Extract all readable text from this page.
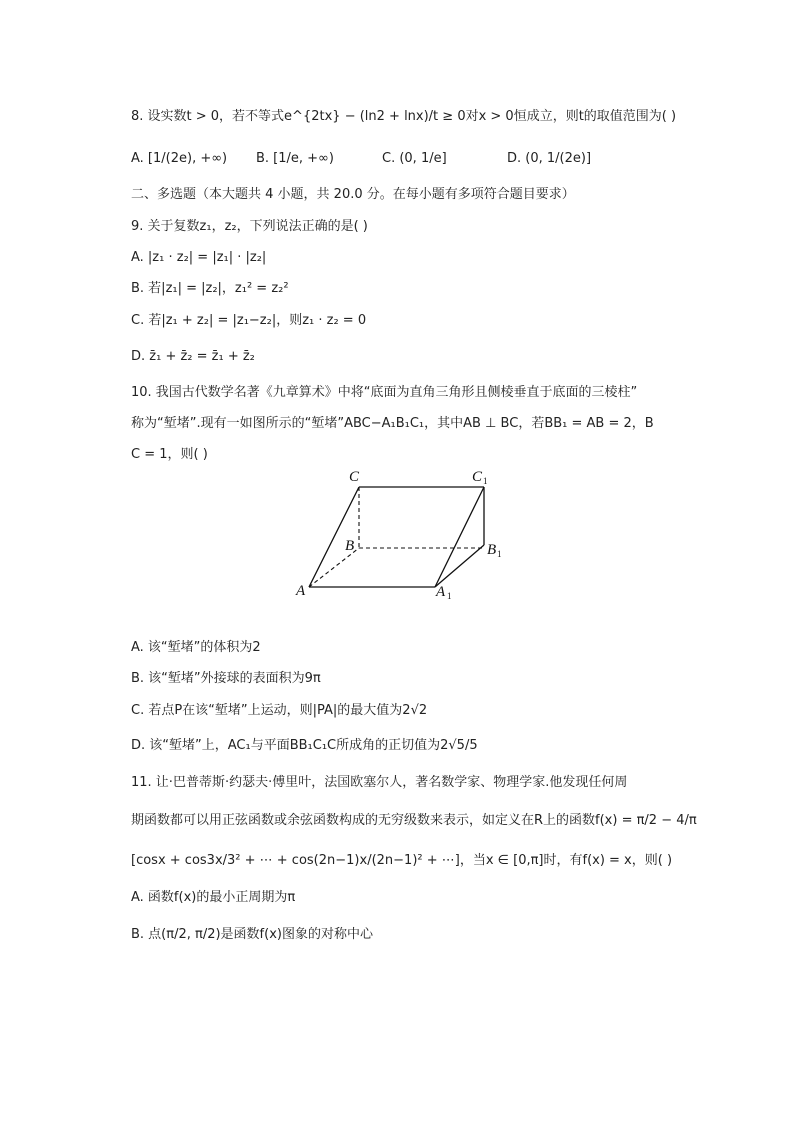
8. 设实数t > 0，若不等式e^{2tx} − (ln2 + lnx)/t ≥ 0对x > 0恒成立，则t的取值范围为( )
A. [1/(2e), +∞) B. [1/e, +∞)	C. (0, 1/e]	D. (0, 1/(2e)]
二、多选题（本大题共 4 小题，共 20.0 分。在每小题有多项符合题目要求）
9. 关于复数z₁，z₂，下列说法正确的是( )
A. |z₁ · z₂| = |z₁| · |z₂|
B. 若|z₁| = |z₂|，z₁² = z₂²
C. 若|z₁ + z₂| = |z₁−z₂|，则z₁ · z₂ = 0
D. z̄₁ + z̄₂ = z̄₁ + z̄₂
10. 我国古代数学名著《九章算术》中将“底面为直角三角形且侧棱垂直于底面的三棱柱”
称为“堑堵”.现有一如图所示的“堑堵”ABC−A₁B₁C₁，其中AB ⊥ BC，若BB₁ = AB = 2，B
C = 1，则( )
C	C 1
B	B 1
A	A 1
A. 该“堑堵”的体积为2
B. 该“堑堵”外接球的表面积为9π
C. 若点P在该“堑堵”上运动，则|PA|的最大值为2√2
D. 该“堑堵”上，AC₁与平面BB₁C₁C所成角的正切值为2√5/5
11. 让·巴普蒂斯·约瑟夫·傅里叶，法国欧塞尔人，著名数学家、物理学家.他发现任何周
期函数都可以用正弦函数或余弦函数构成的无穷级数来表示，如定义在R上的函数f(x) = π/2 − 4/π
[cosx + cos3x/3² + ⋯ + cos(2n−1)x/(2n−1)² + ⋯]，当x ∈ [0,π]时，有f(x) = x，则( )
A. 函数f(x)的最小正周期为π
B. 点(π/2, π/2)是函数f(x)图象的对称中心
